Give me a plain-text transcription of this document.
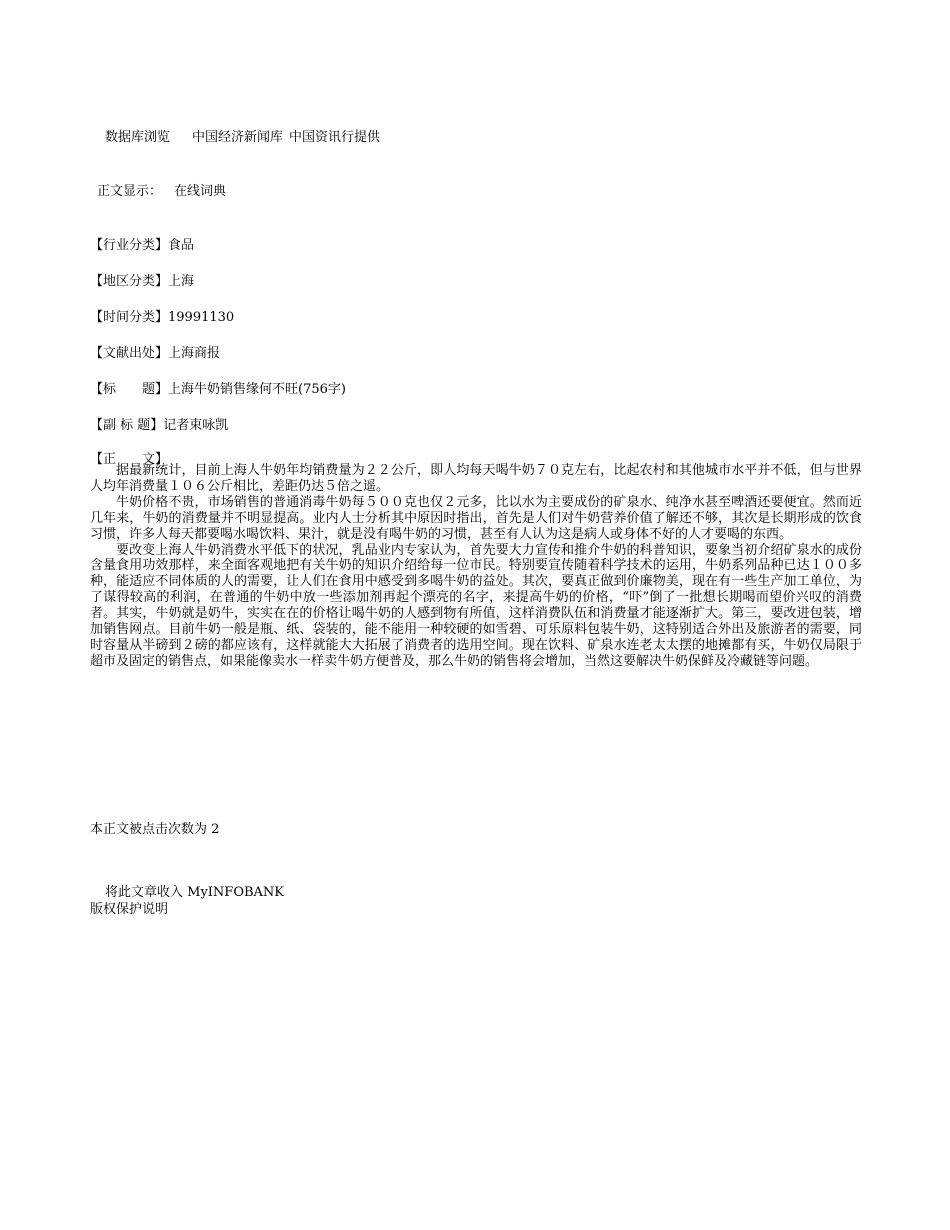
数据库浏览 中国经济新闻库 中国资讯行提供
正文显示： 在线词典
【行业分类】食品
【地区分类】上海
【时间分类】19991130
【文献出处】上海商报
【标　　题】上海牛奶销售缘何不旺(756字)
【副 标 题】记者束咏凯
【正　　文】

据最新统计，目前上海人牛奶年均销费量为２２公斤，即人均每天喝牛奶７０克左右，比起农村和其他城市水平并不低，但与世界人均年消费量１０６公斤相比，差距仍达５倍之遥。

牛奶价格不贵，市场销售的普通消毒牛奶每５００克也仅２元多，比以水为主要成份的矿泉水、纯净水甚至啤酒还要便宜。然而近几年来，牛奶的消费量并不明显提高。业内人士分析其中原因时指出，首先是人们对牛奶营养价值了解还不够，其次是长期形成的饮食习惯，许多人每天都要喝水喝饮料、果汁，就是没有喝牛奶的习惯，甚至有人认为这是病人或身体不好的人才要喝的东西。

要改变上海人牛奶消费水平低下的状况，乳品业内专家认为，首先要大力宣传和推介牛奶的科普知识，要象当初介绍矿泉水的成份含量食用功效那样，来全面客观地把有关牛奶的知识介绍给每一位市民。特别要宣传随着科学技术的运用，牛奶系列品种已达１００多种，能适应不同体质的人的需要，让人们在食用中感受到多喝牛奶的益处。其次，要真正做到价廉物美，现在有一些生产加工单位，为了谋得较高的利润，在普通的牛奶中放一些添加剂再起个漂亮的名字，来提高牛奶的价格，“吓”倒了一批想长期喝而望价兴叹的消费者。其实，牛奶就是奶牛，实实在在的价格让喝牛奶的人感到物有所值，这样消费队伍和消费量才能逐渐扩大。第三，要改进包装，增加销售网点。目前牛奶一般是瓶、纸、袋装的，能不能用一种较硬的如雪碧、可乐原料包装牛奶，这特别适合外出及旅游者的需要，同时容量从半磅到２磅的都应该有，这样就能大大拓展了消费者的选用空间。现在饮料、矿泉水连老太太摆的地摊都有买，牛奶仅局限于超市及固定的销售点，如果能像卖水一样卖牛奶方便普及，那么牛奶的销售将会增加，当然这要解决牛奶保鲜及冷藏链等问题。

本正文被点击次数为 2
将此文章收入 MyINFOBANK
版权保护说明
